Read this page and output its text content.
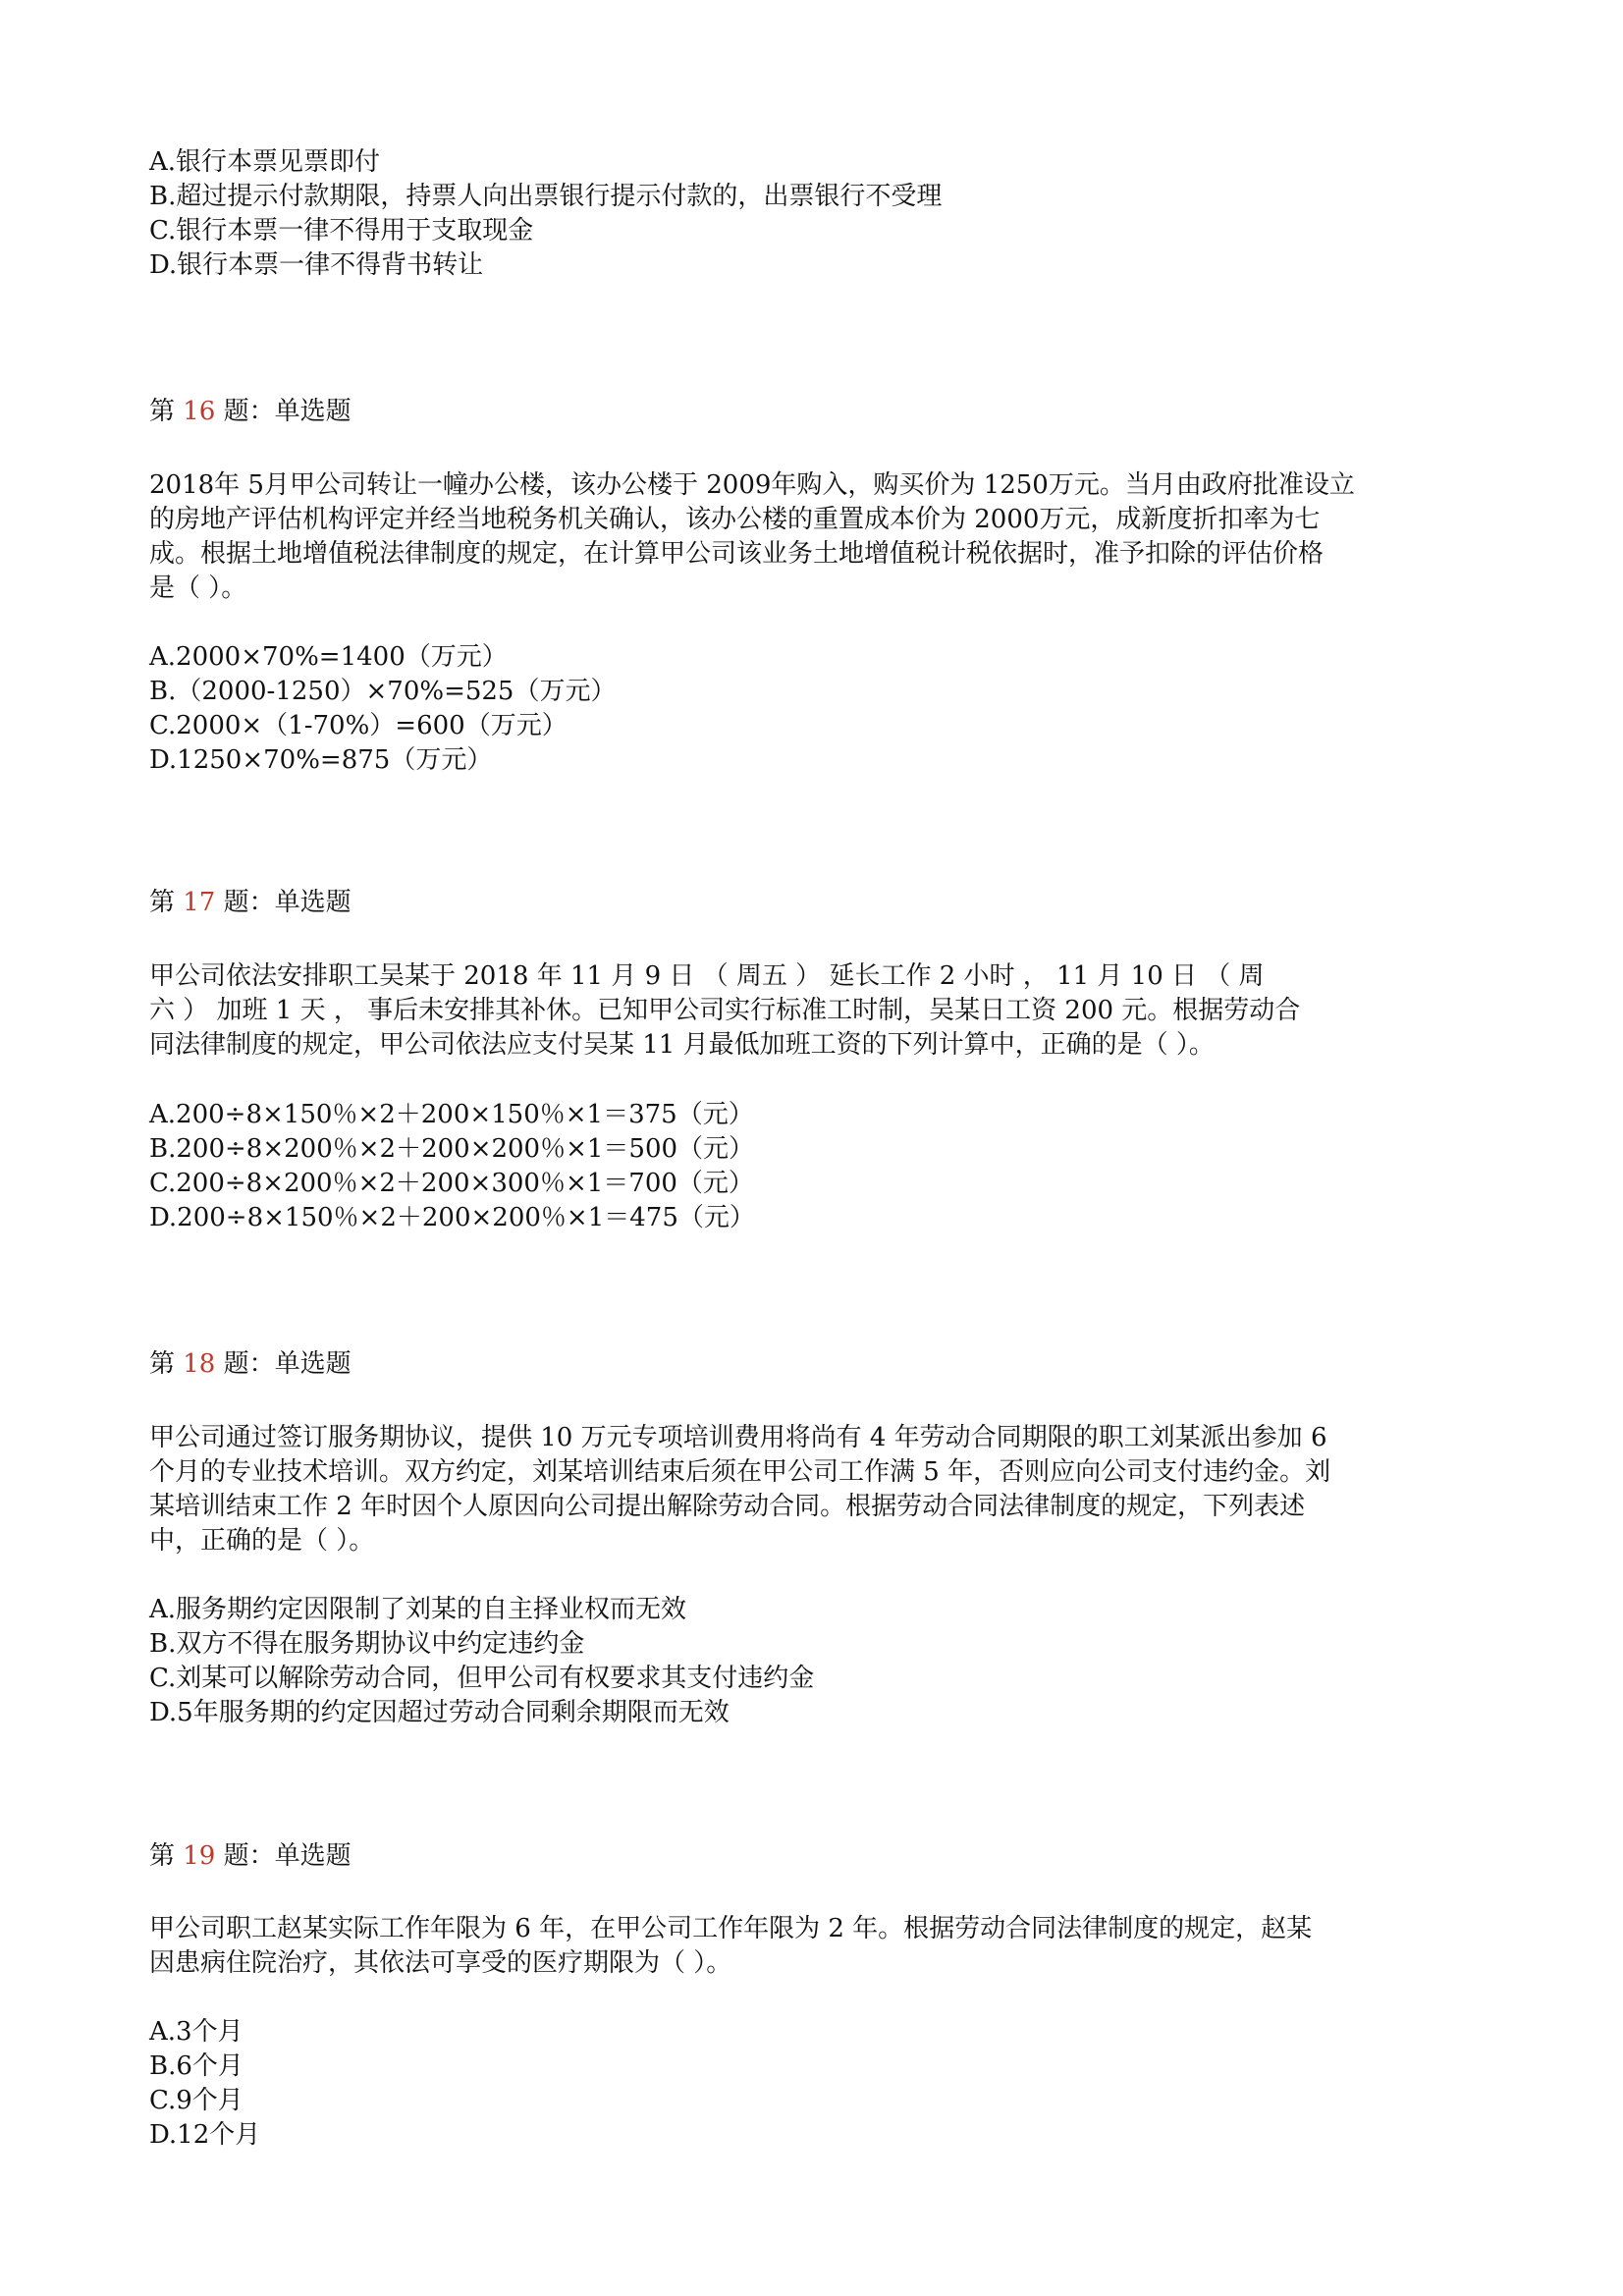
A.银行本票见票即付
B.超过提示付款期限，持票人向出票银行提示付款的，出票银行不受理
C.银行本票一律不得用于支取现金
D.银行本票一律不得背书转让
第 16 题：单选题
2018年 5月甲公司转让一幢办公楼，该办公楼于 2009年购入，购买价为 1250万元。当月由政府批准设立
的房地产评估机构评定并经当地税务机关确认，该办公楼的重置成本价为 2000万元，成新度折扣率为七
成。根据土地增值税法律制度的规定，在计算甲公司该业务土地增值税计税依据时，准予扣除的评估价格
是（ ）。
A.2000×70%=1400（万元）
B.（2000-1250）×70%=525（万元）
C.2000×（1-70%）=600（万元）
D.1250×70%=875（万元）
第 17 题：单选题
甲公司依法安排职工吴某于 2018 年 11 月 9 日 （ 周五 ） 延长工作 2 小时 ， 11 月 10 日 （ 周
六 ） 加班 1 天 ， 事后未安排其补休。已知甲公司实行标准工时制，吴某日工资 200 元。根据劳动合
同法律制度的规定，甲公司依法应支付吴某 11 月最低加班工资的下列计算中，正确的是（ ）。
A.200÷8×150％×2＋200×150％×1＝375（元）
B.200÷8×200％×2＋200×200％×1＝500（元）
C.200÷8×200％×2＋200×300％×1＝700（元）
D.200÷8×150％×2＋200×200％×1＝475（元）
第 18 题：单选题
甲公司通过签订服务期协议，提供 10 万元专项培训费用将尚有 4 年劳动合同期限的职工刘某派出参加 6
个月的专业技术培训。双方约定，刘某培训结束后须在甲公司工作满 5 年，否则应向公司支付违约金。刘
某培训结束工作 2 年时因个人原因向公司提出解除劳动合同。根据劳动合同法律制度的规定，下列表述
中，正确的是（ ）。
A.服务期约定因限制了刘某的自主择业权而无效
B.双方不得在服务期协议中约定违约金
C.刘某可以解除劳动合同，但甲公司有权要求其支付违约金
D.5年服务期的约定因超过劳动合同剩余期限而无效
第 19 题：单选题
甲公司职工赵某实际工作年限为 6 年，在甲公司工作年限为 2 年。根据劳动合同法律制度的规定，赵某
因患病住院治疗，其依法可享受的医疗期限为（ ）。
A.3个月
B.6个月
C.9个月
D.12个月
